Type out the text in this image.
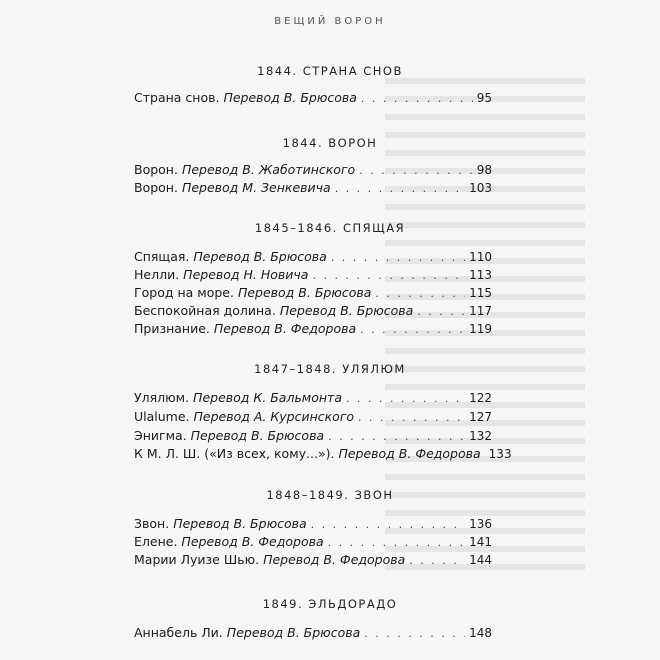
ВЕЩИЙ ВОРОН
1844. СТРАНА СНОВ
Страна снов. Перевод В. Брюсова . . .	95
1844. ВОРОН
Ворон. Перевод В. Жаботинского . . .	98
Ворон. Перевод М. Зенкевича . . .	103
1845–1846. СПЯЩАЯ
Спящая. Перевод В. Брюсова . . .	110
Нелли. Перевод Н. Новича . . .	113
Город на море. Перевод В. Брюсова . . .	115
Беспокойная долина. Перевод В. Брюсова . . .	117
Признание. Перевод В. Федорова . . .	119
1847–1848. УЛЯЛЮМ
Улялюм. Перевод К. Бальмонта . . .	122
Ulalume. Перевод А. Курсинского . . .	127
Энигма. Перевод В. Брюсова . . .	132
К М. Л. Ш. («Из всех, кому...»). Перевод В. Федорова 133
1848–1849. ЗВОН
Звон. Перевод В. Брюсова . . .	136
Елене. Перевод В. Федорова . . .	141
Марии Луизе Шью. Перевод В. Федорова . . .	144
1849. ЭЛЬДОРАДО
Аннабель Ли. Перевод В. Брюсова . . .	148
